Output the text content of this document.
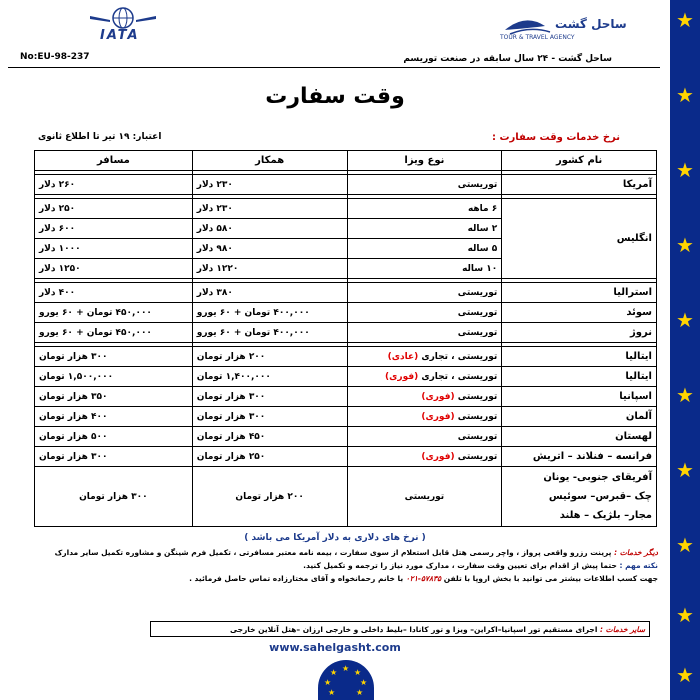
★
★
★
★
★
★
★
★
★
★
IATA
ساحل گشت
TOUR & TRAVEL AGENCY
No:EU-98-237	ساحل گشت - ۲۴ سال سابقه در صنعت توریسم
وقت سفارت
اعتبار: ۱۹ تیر تا اطلاع ثانوی	نرخ خدمات وقت سفارت :
نام کشور	نوع ویزا	همکار	مسافر

آمریکا	توریستی	۲۳۰ دلار	۲۶۰ دلار

انگلیس	۶ ماهه	۲۳۰ دلار	۲۵۰ دلار
	۲ ساله	۵۸۰ دلار	۶۰۰ دلار
	۵ ساله	۹۸۰ دلار	۱۰۰۰ دلار
	۱۰ ساله	۱۲۲۰ دلار	۱۲۵۰ دلار

استرالیا	توریستی	۳۸۰ دلار	۴۰۰ دلار
سوئد	توریستی	۴۰۰,۰۰۰ تومان + ۶۰ یورو	۴۵۰,۰۰۰ تومان + ۶۰ یورو
نروژ	توریستی	۴۰۰,۰۰۰ تومان + ۶۰ یورو	۴۵۰,۰۰۰ تومان + ۶۰ یورو

ایتالیا	توریستی ، تجاری (عادی)	۲۰۰ هزار تومان	۳۰۰ هزار تومان
ایتالیا	توریستی ، تجاری (فوری)	۱,۴۰۰,۰۰۰ تومان	۱,۵۰۰,۰۰۰ تومان
اسپانیا	توریستی (فوری)	۳۰۰ هزار تومان	۳۵۰ هزار تومان
آلمان	توریستی (فوری)	۳۰۰ هزار تومان	۴۰۰ هزار تومان
لهستان	توریستی	۴۵۰ هزار تومان	۵۰۰ هزار تومان
فرانسه – فنلاند – اتریش	توریستی (فوری)	۲۵۰ هزار تومان	۳۰۰ هزار تومان

آفریقای جنوبی- یونان
چک –قبرس– سوئیس
مجار– بلژیک – هلند	توریستی	۲۰۰ هزار تومان	۳۰۰ هزار تومان
( نرخ های دلاری به دلار آمریکا می باشد )
دیگر خدمات : پرینت رزرو واقعی پرواز ، واچر رسمی هتل قابل استعلام از سوی سفارت ، بیمه نامه معتبر مسافرتی ، تکمیل فرم شینگن و مشاوره تکمیل سایر مدارک
نکته مهم : حتما پیش از اقدام برای تعیین وقت سفارت ، مدارک مورد نیاز را ترجمه و تکمیل کنید.
جهت کسب اطلاعات بیشتر می توانید با بخش اروپا با تلفن ۵۷۸۳۵-۰۲۱ با خانم رحمانخواه و آقای مختارزاده تماس حاصل فرمائید .
سایر خدمات : اجرای مستقیم تور اسپانیا–اکراین– ویزا و تور کانادا –بلیط داخلی و خارجی ارزان –هتل آنلاین خارجی
www.sahelgasht.com
★
★ ★
★	★
★	★
